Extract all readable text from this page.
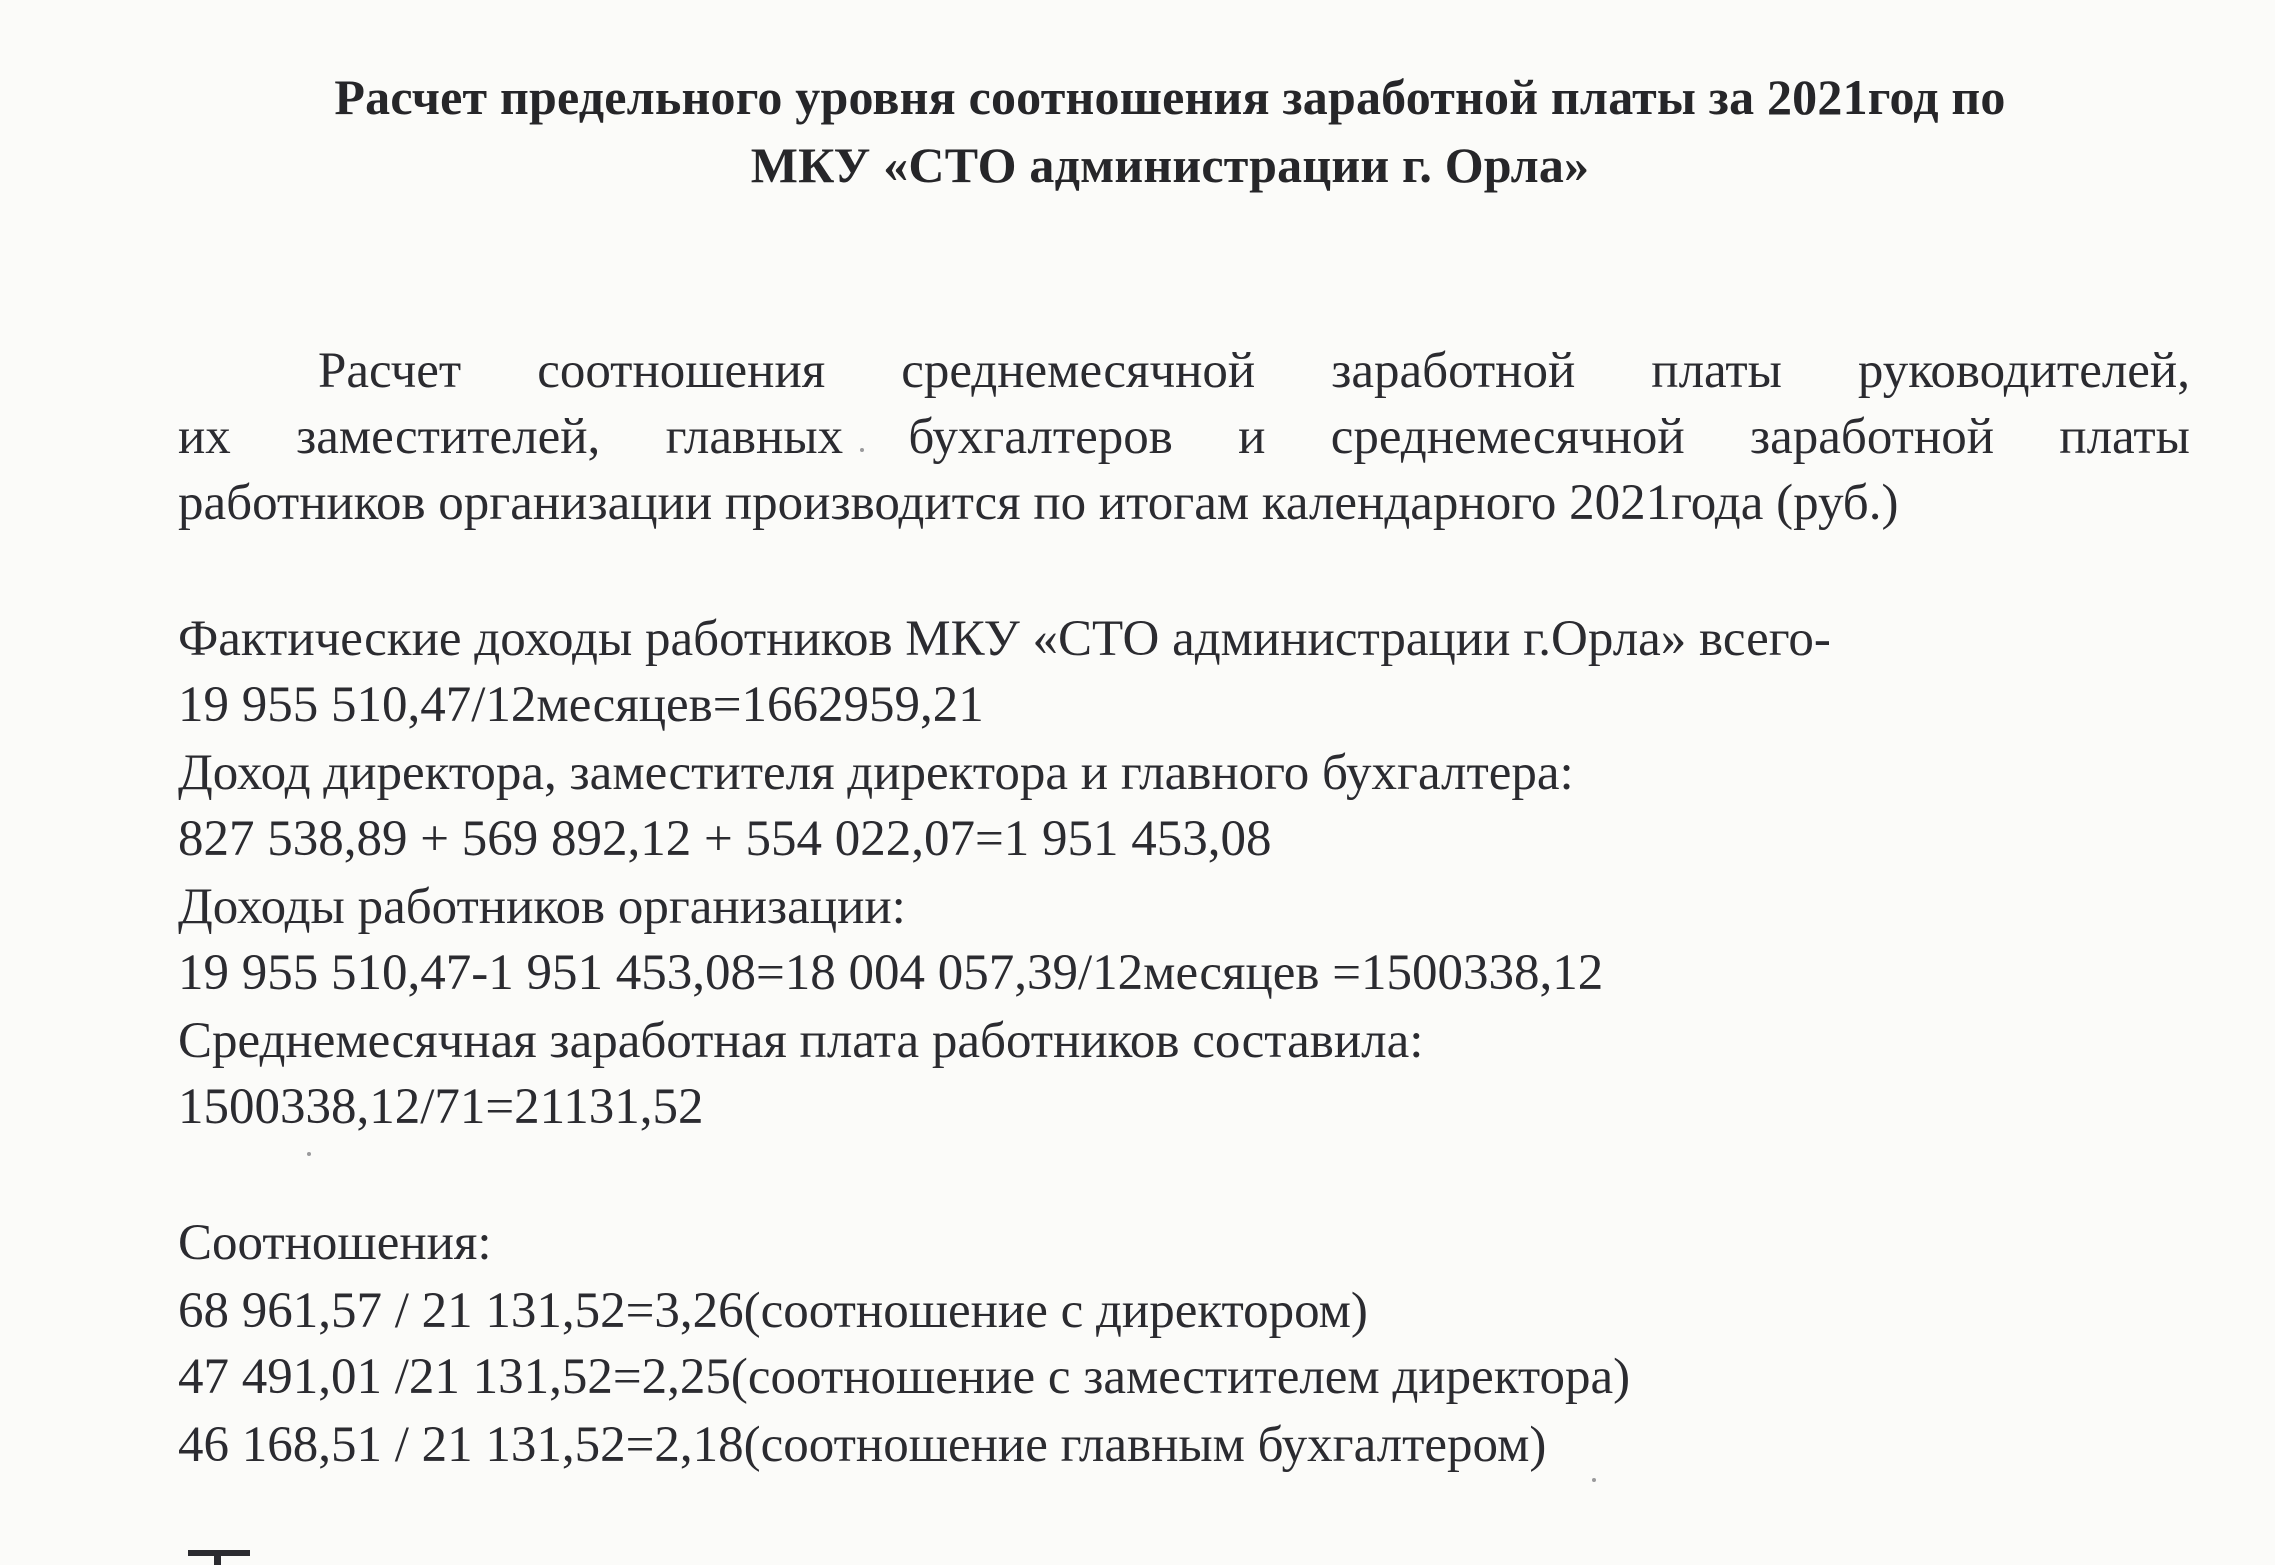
Расчет предельного уровня соотношения заработной платы за 2021год по
МКУ «СТО администрации г. Орла»
Расчет соотношения среднемесячной заработной платы руководителей,
их заместителей, главных бухгалтеров и среднемесячной заработной платы
работников организации производится по итогам календарного 2021года (руб.)
Фактические доходы работников МКУ «СТО администрации г.Орла» всего-
19 955 510,47/12месяцев=1662959,21
Доход директора, заместителя директора и главного бухгалтера:
827 538,89 + 569 892,12 + 554 022,07=1 951 453,08
Доходы работников организации:
19 955 510,47-1 951 453,08=18 004 057,39/12месяцев =1500338,12
Среднемесячная заработная плата работников составила:
1500338,12/71=21131,52
Соотношения:
68 961,57 / 21 131,52=3,26(соотношение с директором)
47 491,01 /21 131,52=2,25(соотношение с заместителем директора)
46 168,51 / 21 131,52=2,18(соотношение главным бухгалтером)
